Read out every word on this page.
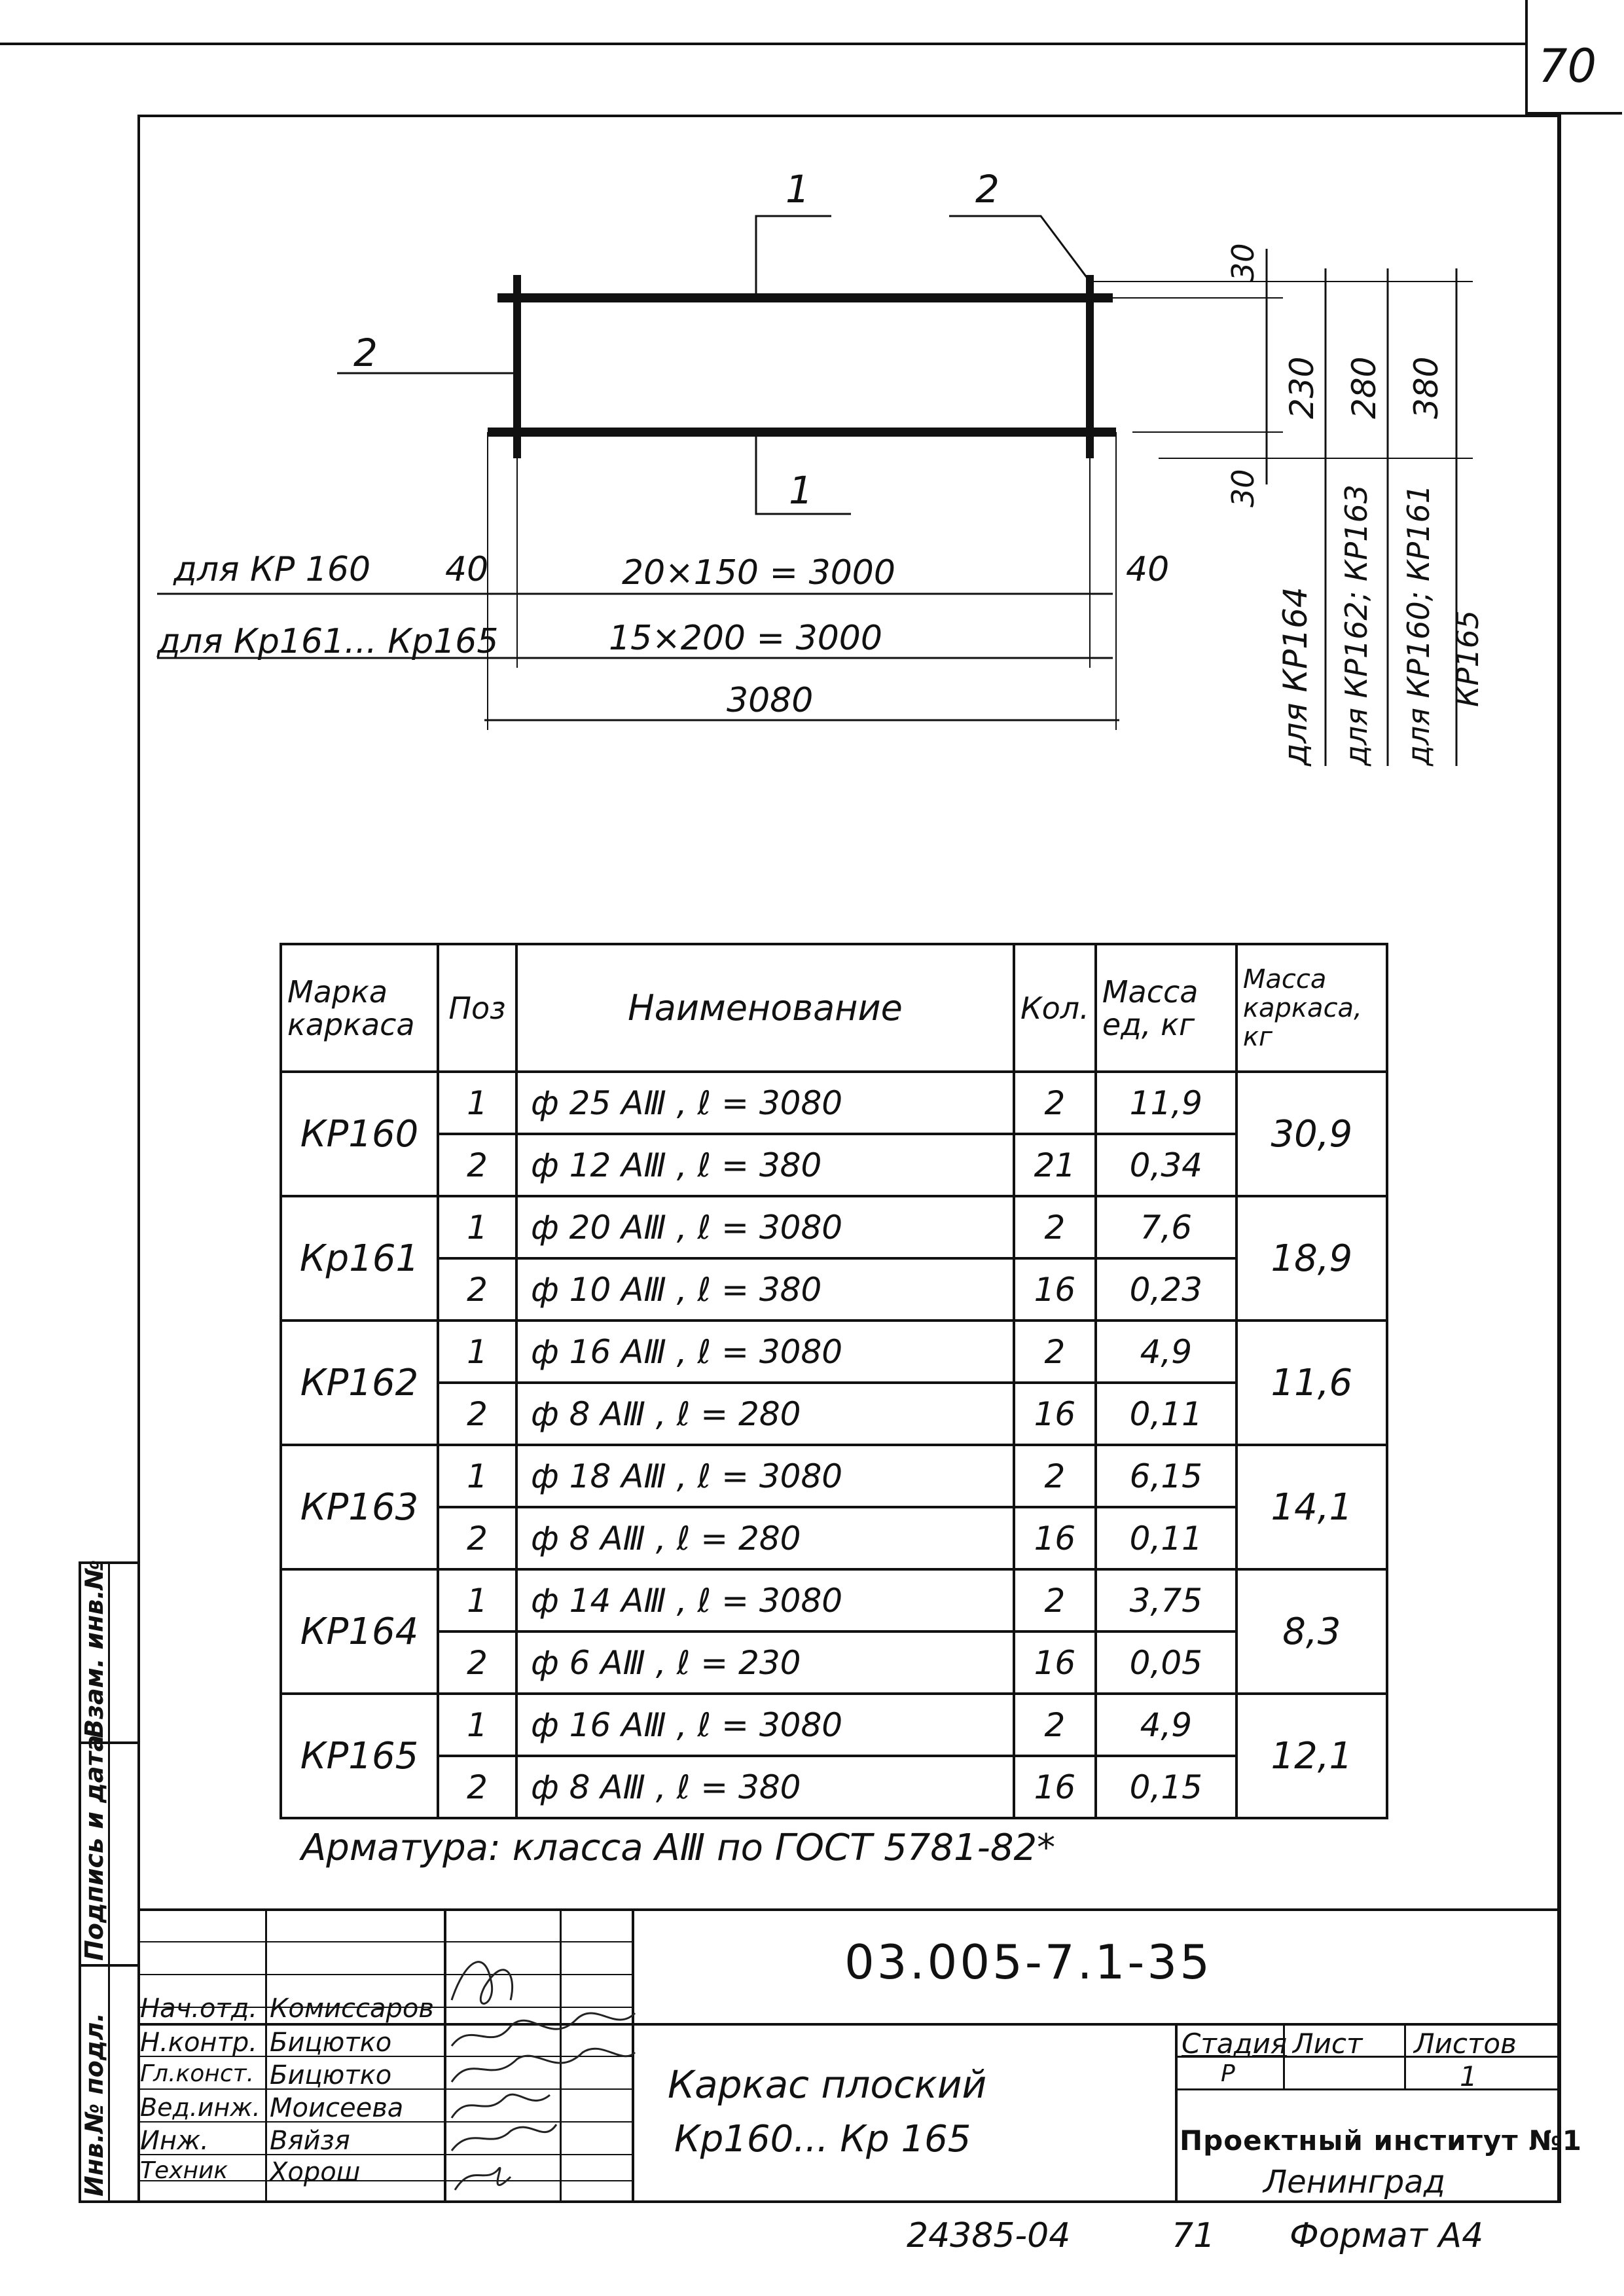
70
1	2
2
1
для КР 160
для Кр161... Кр165
40	40
20×150 = 3000
15×200 = 3000
3080
30
30
230 280 380
для КР164 для КР162; КР163 для КР160; КР161 КР165
Марка каркаса	Поз	Наименование	Кол.	Масса ед, кг	Масса каркаса, кг
КР160	1	ф 25 АⅢ , ℓ = 3080	2	11,9	30,9
	2	ф 12 АⅢ , ℓ = 380	21	0,34	
Кр161	1	ф 20 АⅢ , ℓ = 3080	2	7,6	18,9
	2	ф 10 АⅢ , ℓ = 380	16	0,23	
КР162	1	ф 16 АⅢ , ℓ = 3080	2	4,9	11,6
	2	ф 8 АⅢ , ℓ = 280	16	0,11	
КР163	1	ф 18 АⅢ , ℓ = 3080	2	6,15	14,1
	2	ф 8 АⅢ , ℓ = 280	16	0,11	
КР164	1	ф 14 АⅢ , ℓ = 3080	2	3,75	8,3
	2	ф 6 АⅢ , ℓ = 230	16	0,05	
КР165	1	ф 16 АⅢ , ℓ = 3080	2	4,9	12,1
	2	ф 8 АⅢ , ℓ = 380	16	0,15	
Арматура: класса АⅢ по ГОСТ 5781-82*
Взам. инв.№
Подпись и дата
Инв.№ подл.
03.005-7.1-35
Нач.отд. Комиссаров
Н.контр. Бицютко
Гл.конст. Бицютко
Вед.инж. Моисеева
Инж. Вяйзя
Техник Хорош
Каркас плоский
Кр160... Кр 165
Стадия Лист Листов
Р	1
Проектный институт №1
Ленинград
24385-04	71 Формат А4
